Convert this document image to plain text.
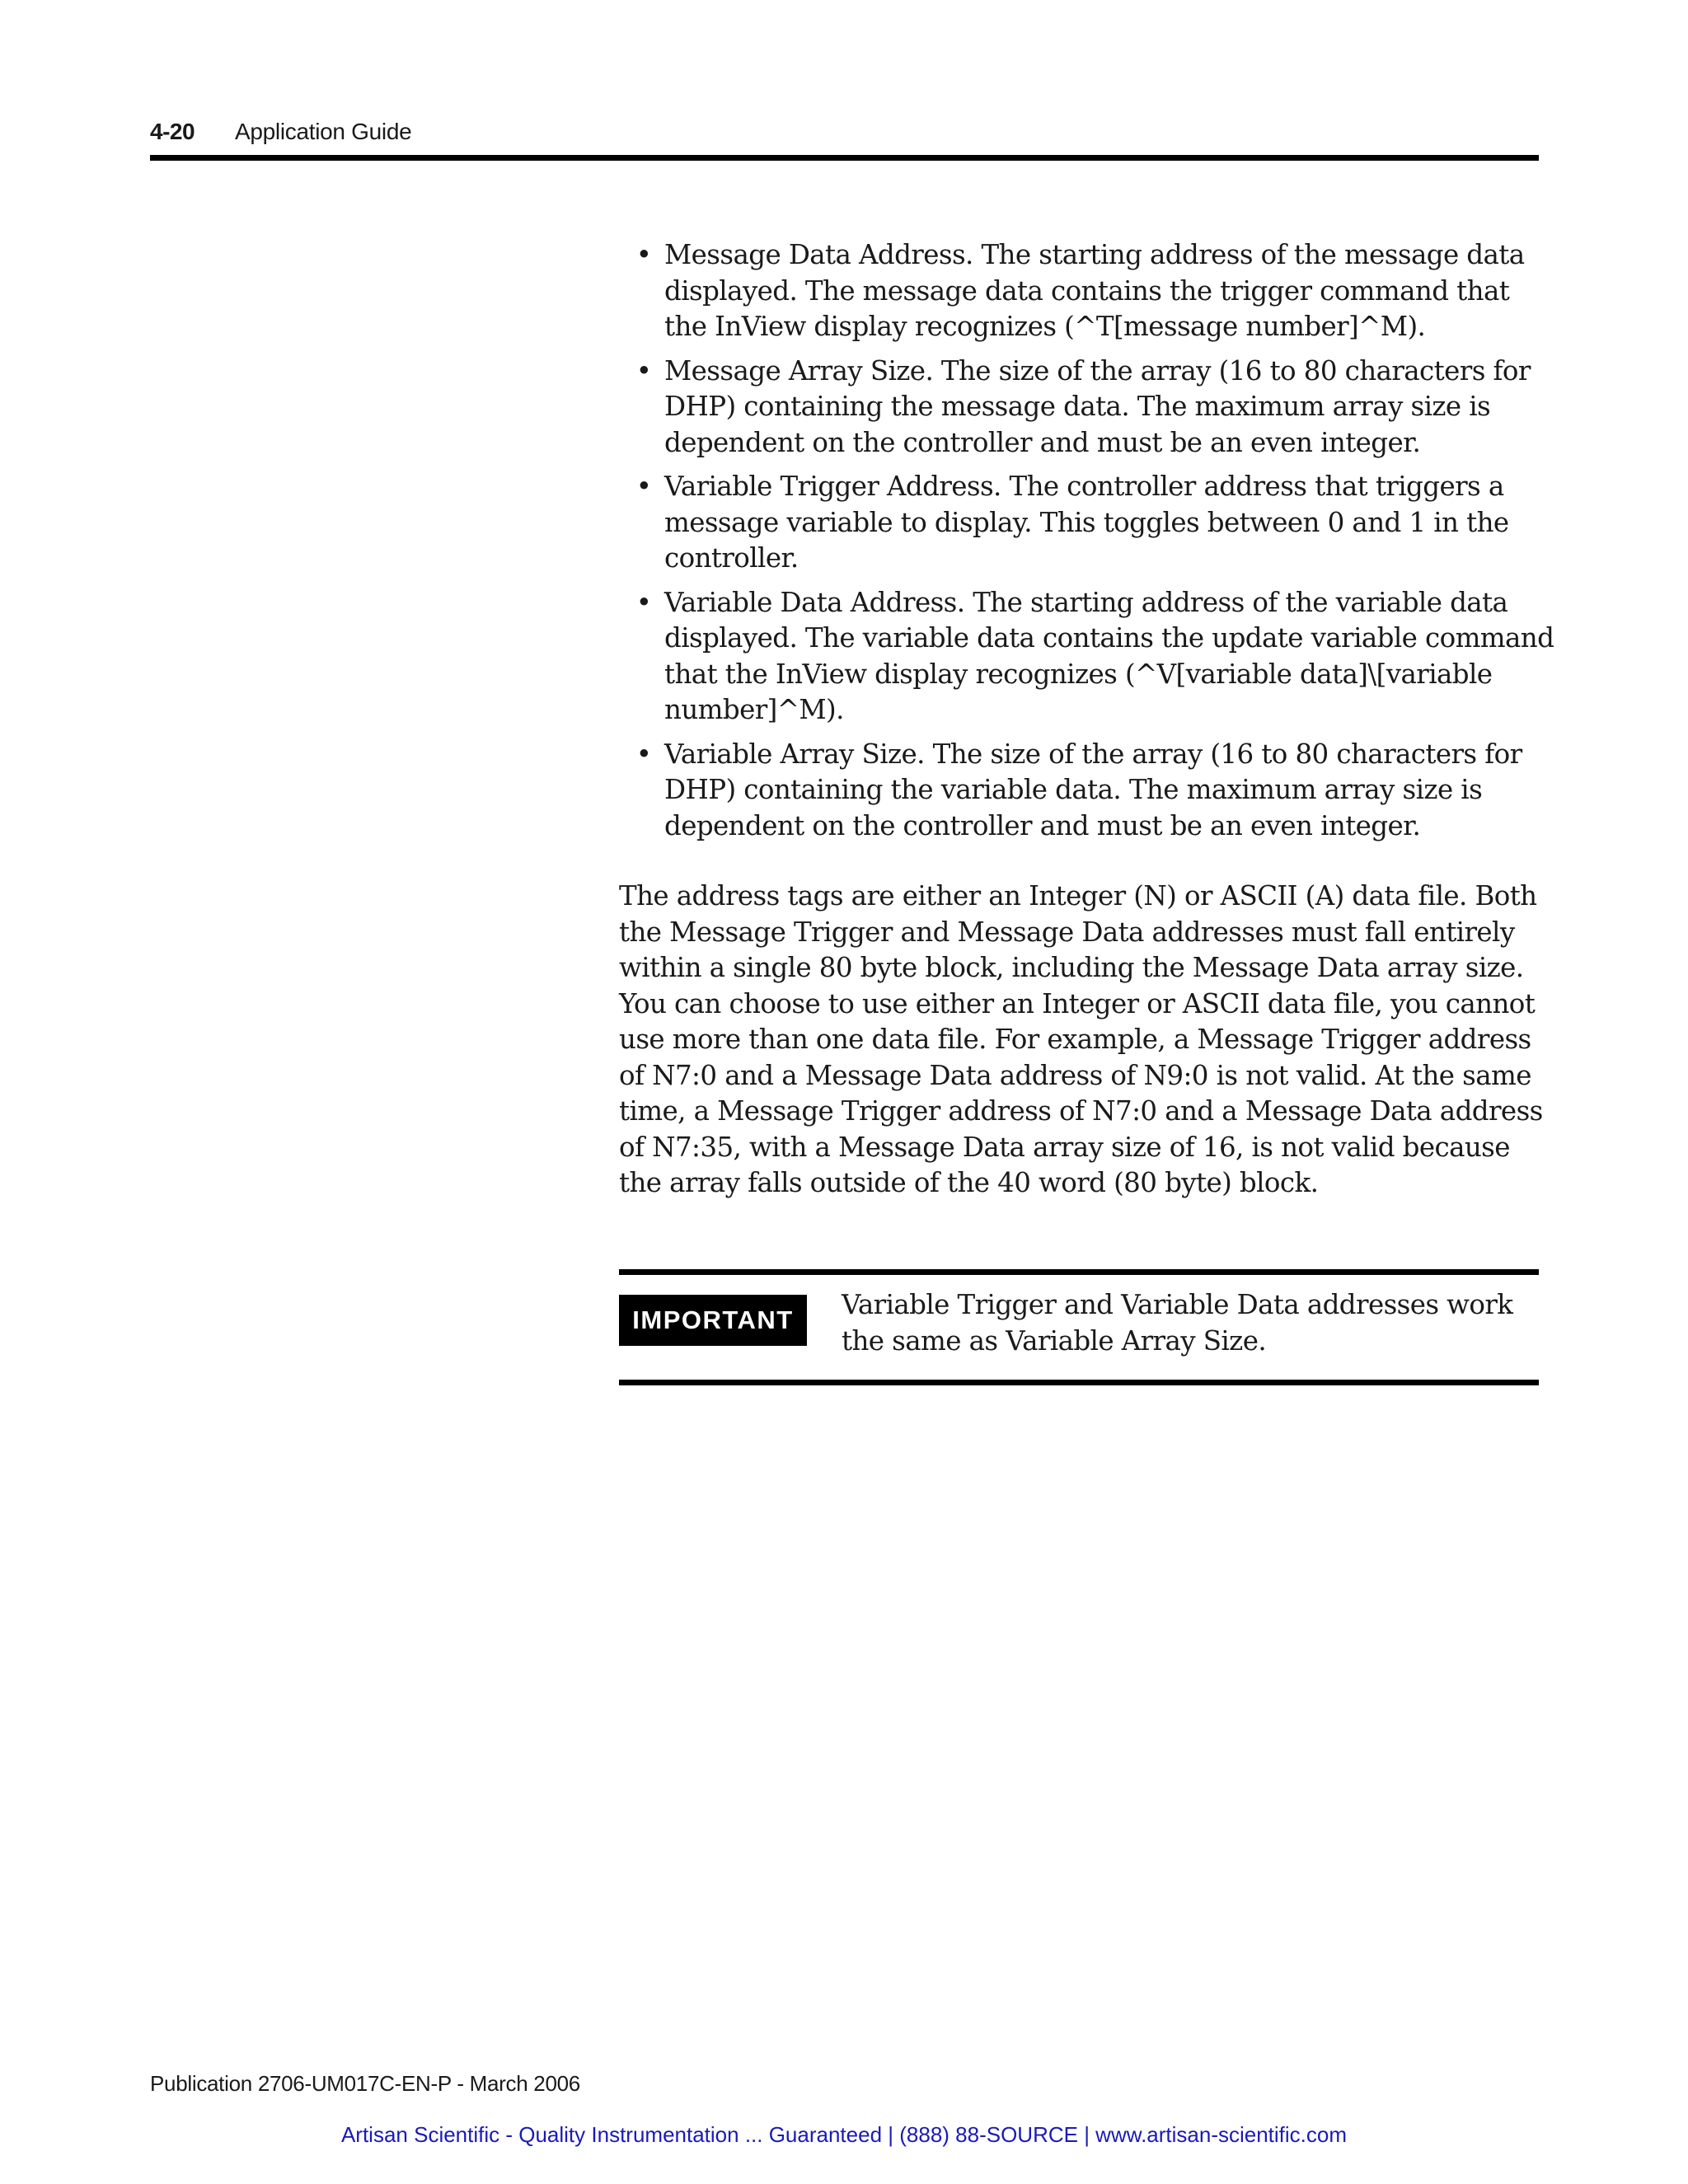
4-20 Application Guide
• Message Data Address. The starting address of the message data displayed. The message data contains the trigger command that the InView display recognizes (^T[message number]^M).
• Message Array Size. The size of the array (16 to 80 characters for DHP) containing the message data. The maximum array size is dependent on the controller and must be an even integer.
• Variable Trigger Address. The controller address that triggers a message variable to display. This toggles between 0 and 1 in the controller.
• Variable Data Address. The starting address of the variable data displayed. The variable data contains the update variable command that the InView display recognizes (^V[variable data]\[variable number]^M).
• Variable Array Size. The size of the array (16 to 80 characters for DHP) containing the variable data. The maximum array size is dependent on the controller and must be an even integer.

The address tags are either an Integer (N) or ASCII (A) data file. Both the Message Trigger and Message Data addresses must fall entirely within a single 80 byte block, including the Message Data array size. You can choose to use either an Integer or ASCII data file, you cannot use more than one data file. For example, a Message Trigger address of N7:0 and a Message Data address of N9:0 is not valid. At the same time, a Message Trigger address of N7:0 and a Message Data address of N7:35, with a Message Data array size of 16, is not valid because the array falls outside of the 40 word (80 byte) block.

IMPORTANT	Variable Trigger and Variable Data addresses work the same as Variable Array Size.

Publication 2706-UM017C-EN-P - March 2006
Artisan Scientific - Quality Instrumentation ... Guaranteed | (888) 88-SOURCE | www.artisan-scientific.com
